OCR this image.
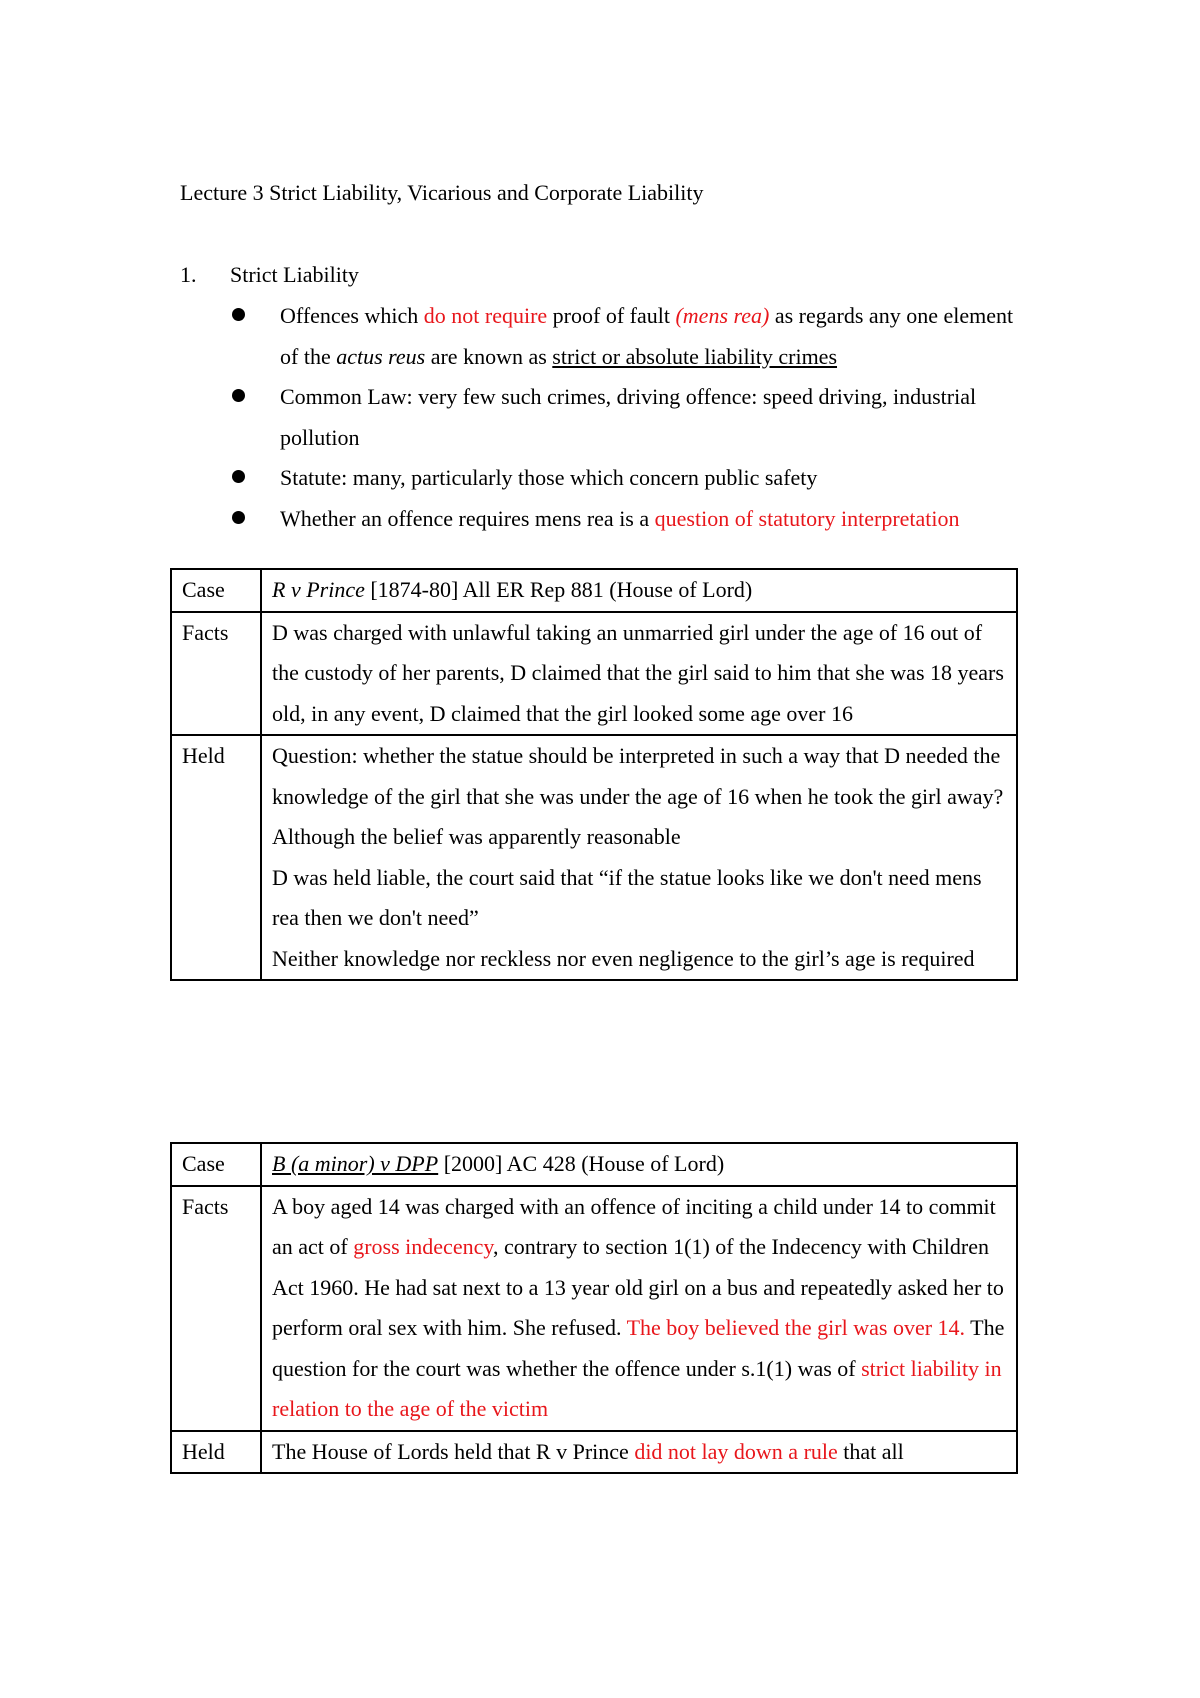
Lecture 3 Strict Liability, Vicarious and Corporate Liability
1. Strict Liability
Offences which do not require proof of fault (mens rea) as regards any one element of the actus reus are known as strict or absolute liability crimes
Common Law: very few such crimes, driving offence: speed driving, industrial pollution
Statute: many, particularly those which concern public safety
Whether an offence requires mens rea is a question of statutory interpretation
Case	R v Prince [1874-80] All ER Rep 881 (House of Lord)
Facts	D was charged with unlawful taking an unmarried girl under the age of 16 out of the custody of her parents, D claimed that the girl said to him that she was 18 years old, in any event, D claimed that the girl looked some age over 16
Held	Question: whether the statue should be interpreted in such a way that D needed the knowledge of the girl that she was under the age of 16 when he took the girl away?
Although the belief was apparently reasonable
D was held liable, the court said that “if the statue looks like we don't need mens rea then we don't need”
Neither knowledge nor reckless nor even negligence to the girl’s age is required
Case	B (a minor) v DPP [2000] AC 428 (House of Lord)
Facts	A boy aged 14 was charged with an offence of inciting a child under 14 to commit an act of gross indecency, contrary to section 1(1) of the Indecency with Children Act 1960. He had sat next to a 13 year old girl on a bus and repeatedly asked her to perform oral sex with him. She refused. The boy believed the girl was over 14. The question for the court was whether the offence under s.1(1) was of strict liability in relation to the age of the victim
Held	The House of Lords held that R v Prince did not lay down a rule that all
